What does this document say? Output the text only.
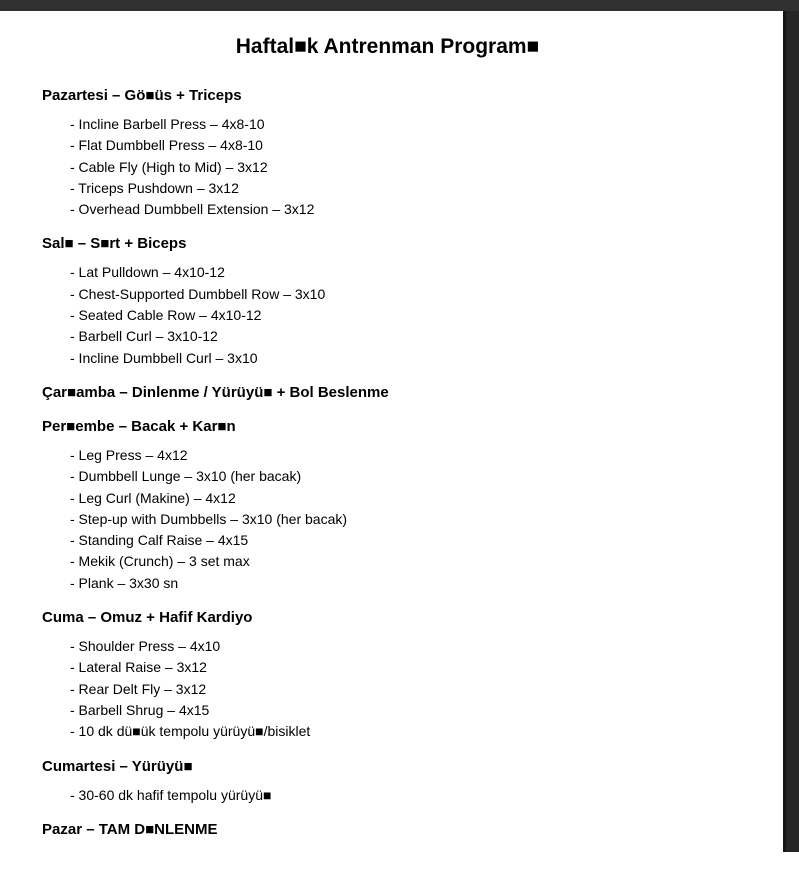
Haftal■k Antrenman Program■
Pazartesi – Gö■üs + Triceps
- Incline Barbell Press – 4x8-10
- Flat Dumbbell Press – 4x8-10
- Cable Fly (High to Mid) – 3x12
- Triceps Pushdown – 3x12
- Overhead Dumbbell Extension – 3x12
Sal■ – S■rt + Biceps
- Lat Pulldown – 4x10-12
- Chest-Supported Dumbbell Row – 3x10
- Seated Cable Row – 4x10-12
- Barbell Curl – 3x10-12
- Incline Dumbbell Curl – 3x10
Çar■amba – Dinlenme / Yürüyü■ + Bol Beslenme
Per■embe – Bacak + Kar■n
- Leg Press – 4x12
- Dumbbell Lunge – 3x10 (her bacak)
- Leg Curl (Makine) – 4x12
- Step-up with Dumbbells – 3x10 (her bacak)
- Standing Calf Raise – 4x15
- Mekik (Crunch) – 3 set max
- Plank – 3x30 sn
Cuma – Omuz + Hafif Kardiyo
- Shoulder Press – 4x10
- Lateral Raise – 3x12
- Rear Delt Fly – 3x12
- Barbell Shrug – 4x15
- 10 dk dü■ük tempolu yürüyü■/bisiklet
Cumartesi – Yürüyü■
- 30-60 dk hafif tempolu yürüyü■
Pazar – TAM D■NLENME
